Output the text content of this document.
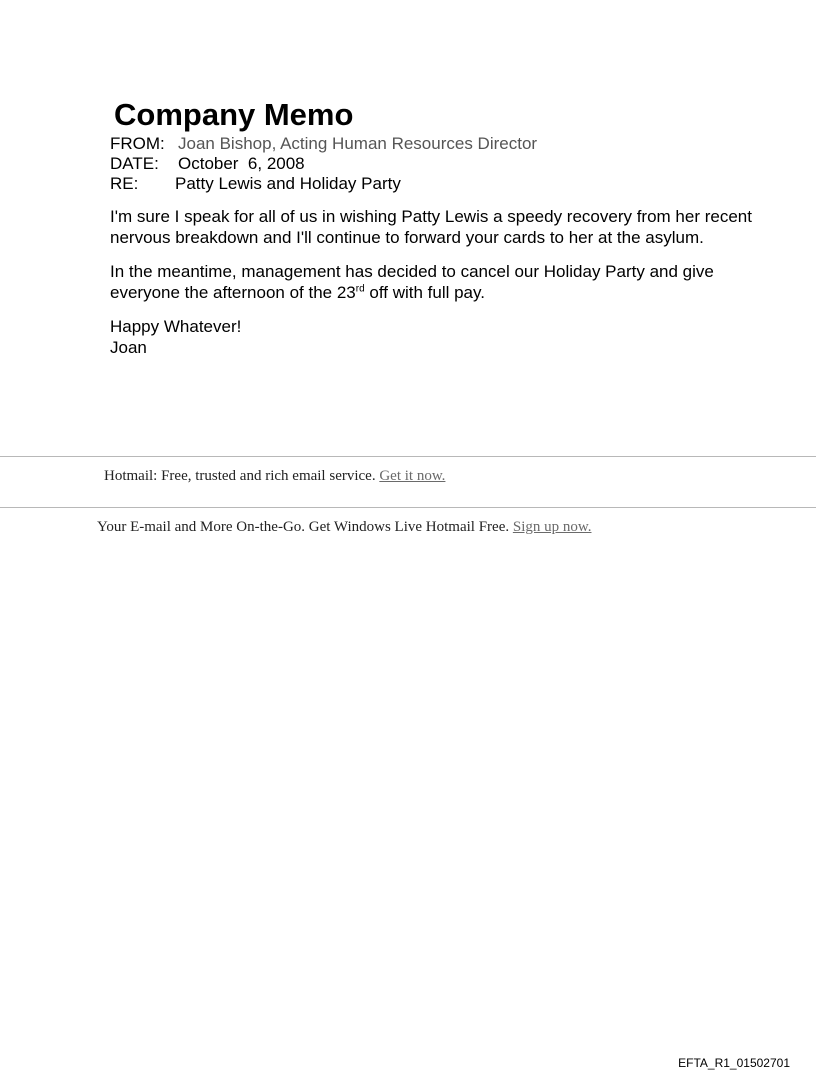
Company Memo
FROM: Joan Bishop, Acting Human Resources Director
DATE: October  6, 2008
RE: Patty Lewis and Holiday Party

I'm sure I speak for all of us in wishing Patty Lewis a speedy recovery from her recent nervous breakdown and I'll continue to forward your cards to her at the asylum.

In the meantime, management has decided to cancel our Holiday Party and give everyone the afternoon of the 23rd off with full pay.

Happy Whatever!
Joan

Hotmail: Free, trusted and rich email service. Get it now.
Your E-mail and More On-the-Go. Get Windows Live Hotmail Free. Sign up now.
EFTA_R1_01502701
